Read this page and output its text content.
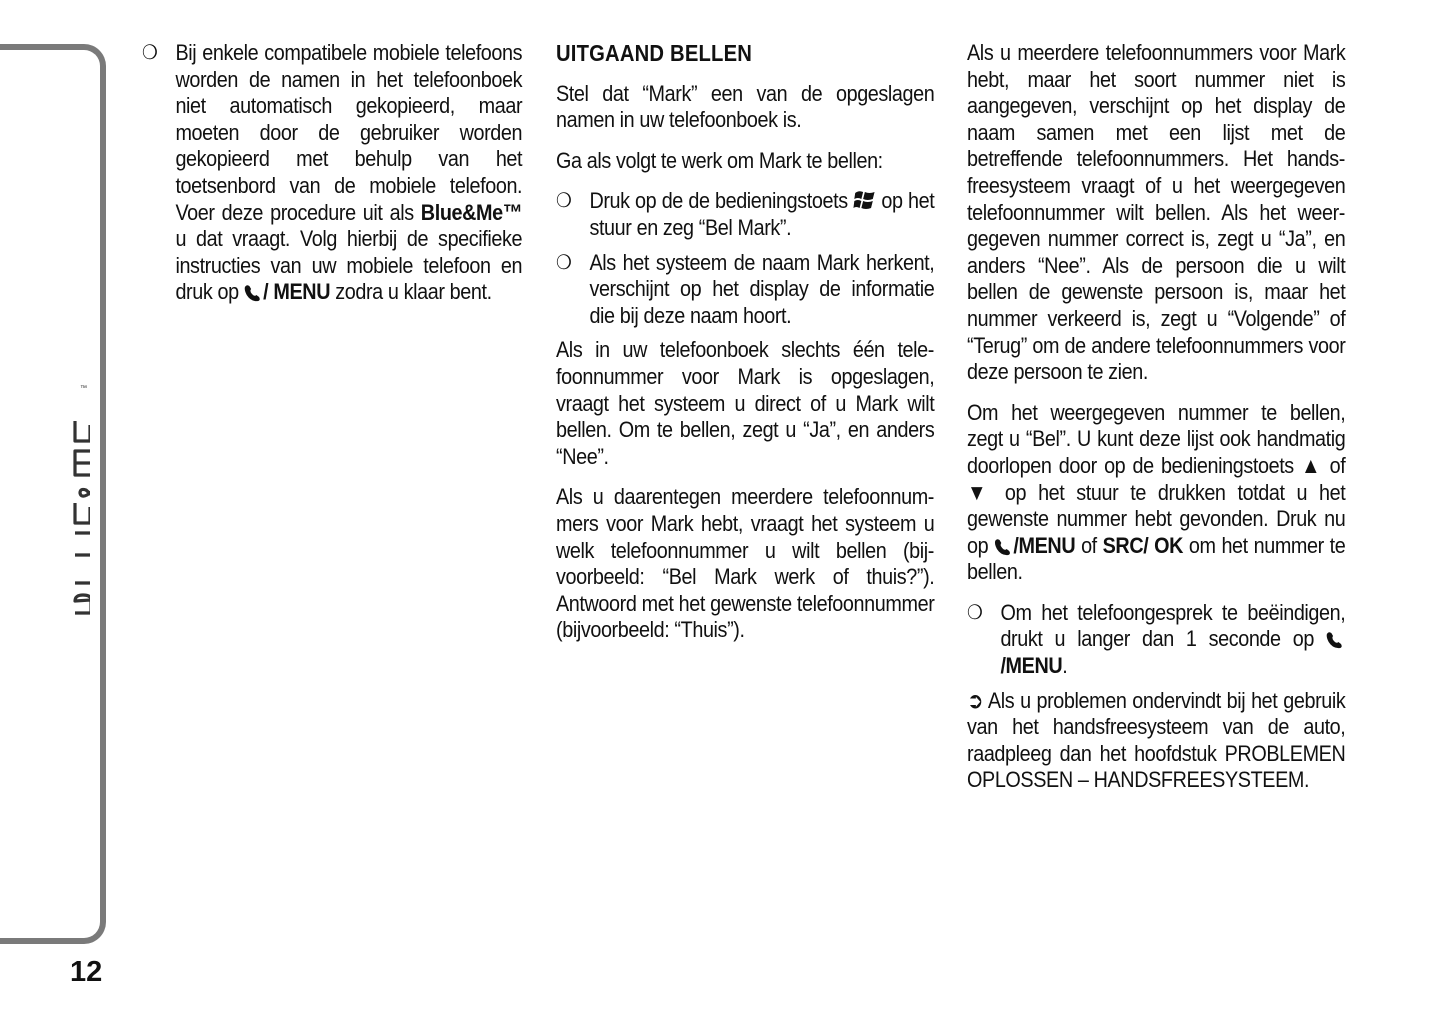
™
12
❍ Bij enkele compatibele mobiele telefoons worden de namen in het telefoonboek niet automatisch gekopieerd, maar moeten door de gebruiker worden gekopieerd met behulp van het toetsenbord van de mobiele telefoon. Voer deze procedure uit als Blue&Me™ u dat vraagt. Volg hierbij de specifieke instructies van uw mobiele telefoon en druk op / MENU zodra u klaar bent.

UITGAAND BELLEN

Stel dat “Mark” een van de opgeslagen namen in uw telefoonboek is.

Ga als volgt te werk om Mark te bellen:

❍ Druk op de de bedieningstoets  op het stuur en zeg “Bel Mark”.
❍ Als het systeem de naam Mark herkent, verschijnt op het display de informatie die bij deze naam hoort.

Als in uw telefoonboek slechts één telefoonnummer voor Mark is opgeslagen, vraagt het systeem u direct of u Mark wilt bellen. Om te bellen, zegt u “Ja”, en anders “Nee”.

Als u daarentegen meerdere telefoonnummers voor Mark hebt, vraagt het systeem u welk telefoonnummer u wilt bellen (bijvoorbeeld: “Bel Mark werk of thuis?”). Antwoord met het gewenste telefoonnummer (bijvoorbeeld: “Thuis”).

Als u meerdere telefoonnummers voor Mark hebt, maar het soort nummer niet is aangegeven, verschijnt op het display de naam samen met een lijst met de betreffende telefoonnummers. Het handsfreesysteem vraagt of u het weergegeven telefoonnummer wilt bellen. Als het weergegeven nummer correct is, zegt u “Ja”, en anders “Nee”. Als de persoon die u wilt bellen de gewenste persoon is, maar het nummer verkeerd is, zegt u “Volgende” of “Terug” om de andere telefoonnummers voor deze persoon te zien.

Om het weergegeven nummer te bellen, zegt u “Bel”. U kunt deze lijst ook handmatig doorlopen door op de bedieningstoets ▲ of ▼ op het stuur te drukken totdat u het gewenste nummer hebt gevonden. Druk nu op /MENU of SRC/ OK om het nummer te bellen.

❍ Om het telefoongesprek te beëindigen, drukt u langer dan 1 seconde op /MENU.

➲ Als u problemen ondervindt bij het gebruik van het handsfreesysteem van de auto, raadpleeg dan het hoofdstuk PROBLEMEN OPLOSSEN – HANDSFREESYSTEEM.
